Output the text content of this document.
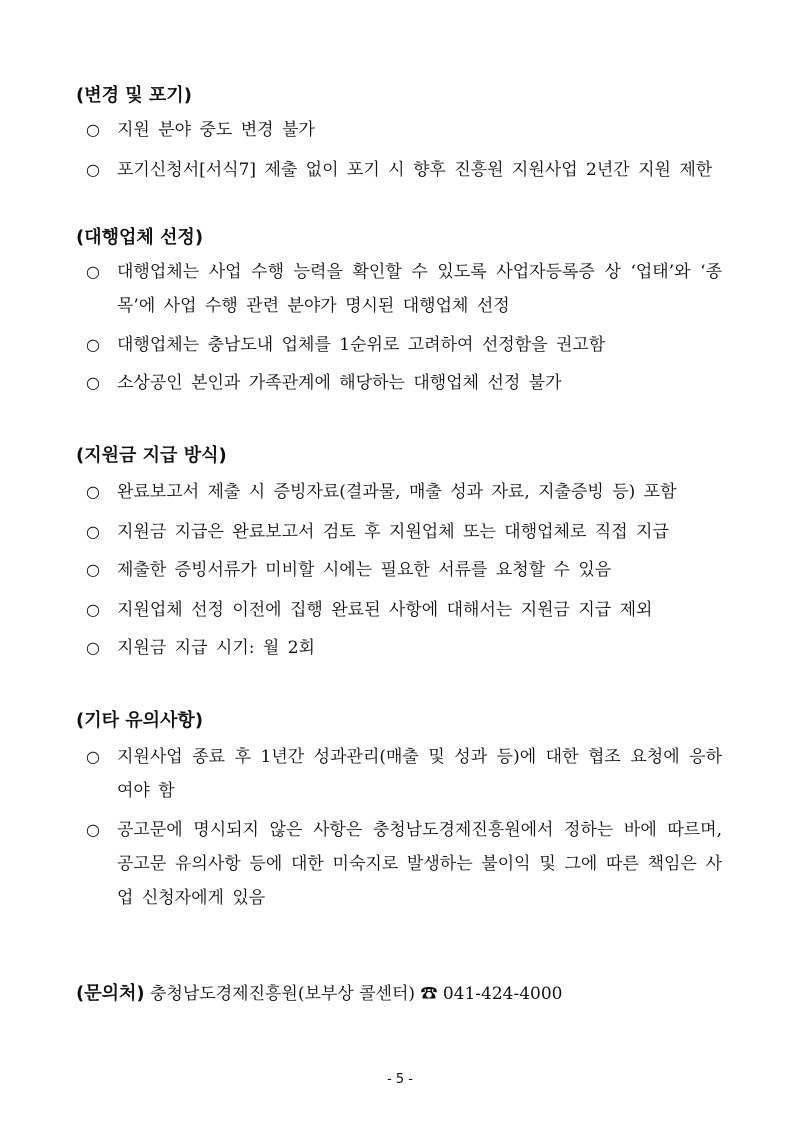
(변경 및 포기)
○	지원 분야 중도 변경 불가
○	포기신청서[서식7] 제출 없이 포기 시 향후 진흥원 지원사업 2년간 지원 제한
(대행업체 선정)
○	대행업체는 사업 수행 능력을 확인할 수 있도록 사업자등록증 상 ‘업태’와 ‘종목’에 사업 수행 관련 분야가 명시된 대행업체 선정
○	대행업체는 충남도내 업체를 1순위로 고려하여 선정함을 권고함
○	소상공인 본인과 가족관계에 해당하는 대행업체 선정 불가
(지원금 지급 방식)
○	완료보고서 제출 시 증빙자료(결과물, 매출 성과 자료, 지출증빙 등) 포함
○	지원금 지급은 완료보고서 검토 후 지원업체 또는 대행업체로 직접 지급
○	제출한 증빙서류가 미비할 시에는 필요한 서류를 요청할 수 있음
○	지원업체 선정 이전에 집행 완료된 사항에 대해서는 지원금 지급 제외
○	지원금 지급 시기: 월 2회
(기타 유의사항)
○	지원사업 종료 후 1년간 성과관리(매출 및 성과 등)에 대한 협조 요청에 응하여야 함
○	공고문에 명시되지 않은 사항은 충청남도경제진흥원에서 정하는 바에 따르며, 공고문 유의사항 등에 대한 미숙지로 발생하는 불이익 및 그에 따른 책임은 사업 신청자에게 있음
(문의처) 충청남도경제진흥원(보부상 콜센터) ☎ 041-424-4000
- 5 -
